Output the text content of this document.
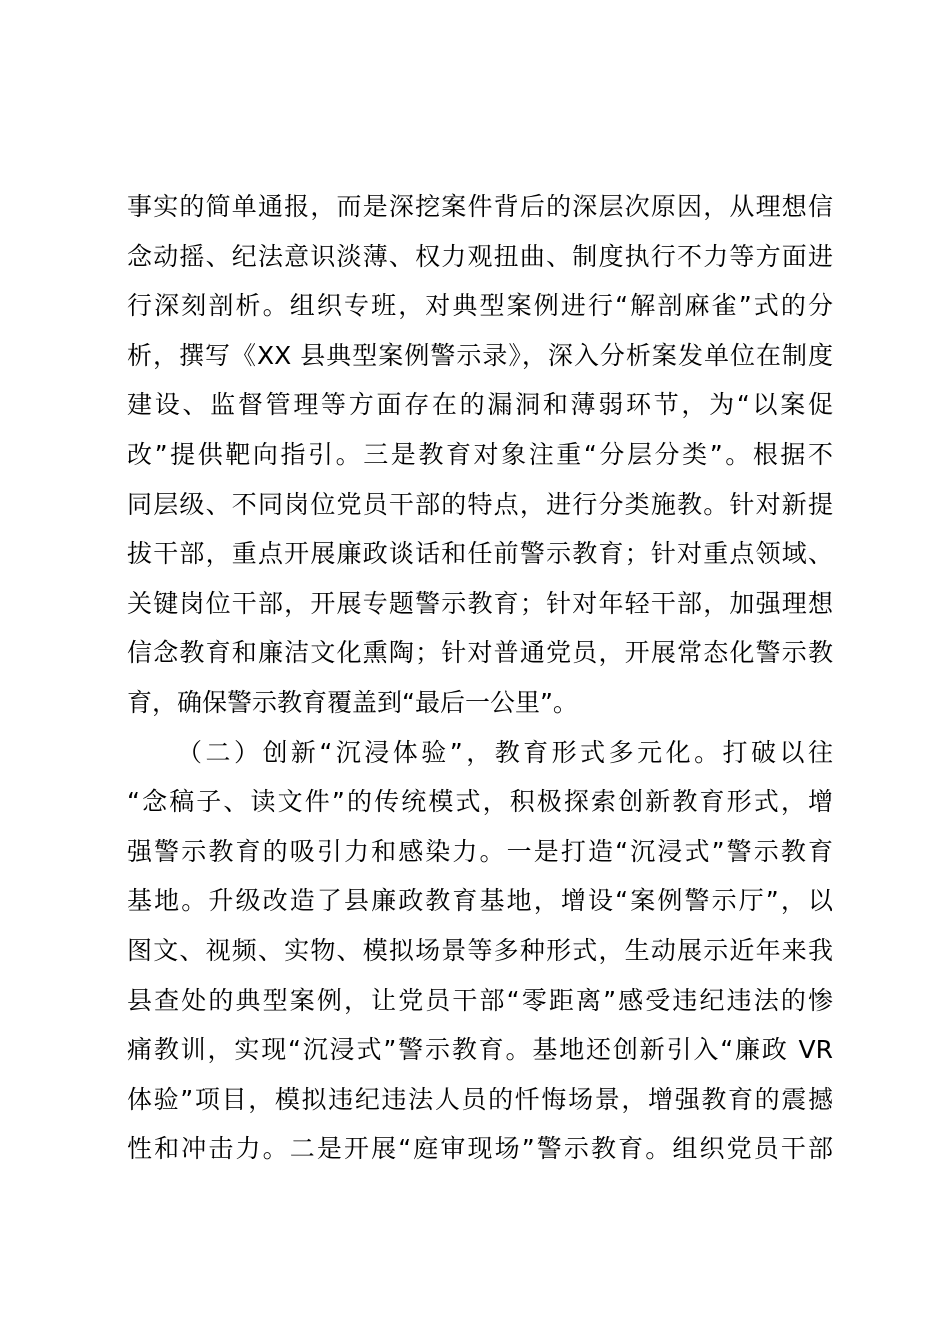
事实的简单通报，而是深挖案件背后的深层次原因，从理想信
念动摇、纪法意识淡薄、权力观扭曲、制度执行不力等方面进
行深刻剖析。组织专班，对典型案例进行“解剖麻雀”式的分
析，撰写《XX 县典型案例警示录》，深入分析案发单位在制度
建设、监督管理等方面存在的漏洞和薄弱环节，为“以案促
改”提供靶向指引。三是教育对象注重“分层分类”。根据不
同层级、不同岗位党员干部的特点，进行分类施教。针对新提
拔干部，重点开展廉政谈话和任前警示教育；针对重点领域、
关键岗位干部，开展专题警示教育；针对年轻干部，加强理想
信念教育和廉洁文化熏陶；针对普通党员，开展常态化警示教
育，确保警示教育覆盖到“最后一公里”。
（二）创新“沉浸体验”，教育形式多元化。打破以往
“念稿子、读文件”的传统模式，积极探索创新教育形式，增
强警示教育的吸引力和感染力。一是打造“沉浸式”警示教育
基地。升级改造了县廉政教育基地，增设“案例警示厅”，以
图文、视频、实物、模拟场景等多种形式，生动展示近年来我
县查处的典型案例，让党员干部“零距离”感受违纪违法的惨
痛教训，实现“沉浸式”警示教育。基地还创新引入“廉政 VR
体验”项目，模拟违纪违法人员的忏悔场景，增强教育的震撼
性和冲击力。二是开展“庭审现场”警示教育。组织党员干部
